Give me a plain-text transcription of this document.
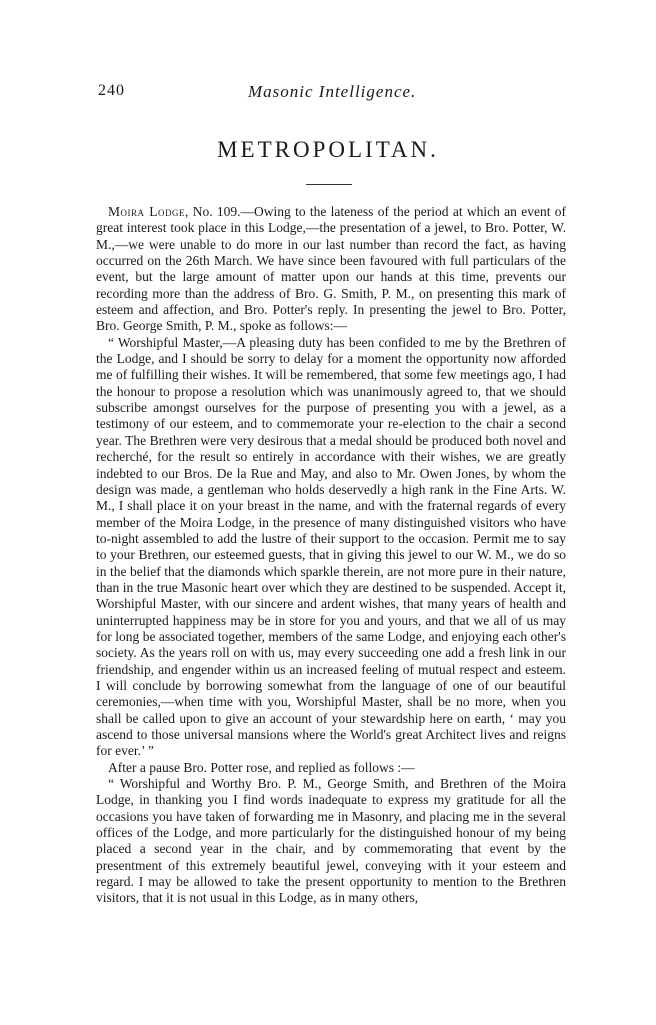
240	Masonic Intelligence.
METROPOLITAN.

Moira Lodge, No. 109.—Owing to the lateness of the period at which an event of great interest took place in this Lodge,—the presentation of a jewel, to Bro. Potter, W. M.,—we were unable to do more in our last number than record the fact, as having occurred on the 26th March. We have since been favoured with full particulars of the event, but the large amount of matter upon our hands at this time, prevents our recording more than the address of Bro. G. Smith, P. M., on presenting this mark of esteem and affection, and Bro. Potter's reply. In presenting the jewel to Bro. Potter, Bro. George Smith, P. M., spoke as follows:—

“ Worshipful Master,—A pleasing duty has been confided to me by the Brethren of the Lodge, and I should be sorry to delay for a moment the opportunity now afforded me of fulfilling their wishes. It will be remembered, that some few meetings ago, I had the honour to propose a resolution which was unanimously agreed to, that we should subscribe amongst ourselves for the purpose of presenting you with a jewel, as a testimony of our esteem, and to commemorate your re-election to the chair a second year. The Brethren were very desirous that a medal should be produced both novel and recherché, for the result so entirely in accordance with their wishes, we are greatly indebted to our Bros. De la Rue and May, and also to Mr. Owen Jones, by whom the design was made, a gentleman who holds deservedly a high rank in the Fine Arts. W. M., I shall place it on your breast in the name, and with the fraternal regards of every member of the Moira Lodge, in the presence of many distinguished visitors who have to-night assembled to add the lustre of their support to the occasion. Permit me to say to your Brethren, our esteemed guests, that in giving this jewel to our W. M., we do so in the belief that the diamonds which sparkle therein, are not more pure in their nature, than in the true Masonic heart over which they are destined to be suspended. Accept it, Worshipful Master, with our sincere and ardent wishes, that many years of health and uninterrupted happiness may be in store for you and yours, and that we all of us may for long be associated together, members of the same Lodge, and enjoying each other's society. As the years roll on with us, may every succeeding one add a fresh link in our friendship, and engender within us an increased feeling of mutual respect and esteem. I will conclude by borrowing somewhat from the language of one of our beautiful ceremonies,—when time with you, Worshipful Master, shall be no more, when you shall be called upon to give an account of your stewardship here on earth, ‘ may you ascend to those universal mansions where the World's great Architect lives and reigns for ever.’ ”

After a pause Bro. Potter rose, and replied as follows :—

“ Worshipful and Worthy Bro. P. M., George Smith, and Brethren of the Moira Lodge, in thanking you I find words inadequate to express my gratitude for all the occasions you have taken of forwarding me in Masonry, and placing me in the several offices of the Lodge, and more particularly for the distinguished honour of my being placed a second year in the chair, and by commemorating that event by the presentment of this extremely beautiful jewel, conveying with it your esteem and regard. I may be allowed to take the present opportunity to mention to the Brethren visitors, that it is not usual in this Lodge, as in many others,
